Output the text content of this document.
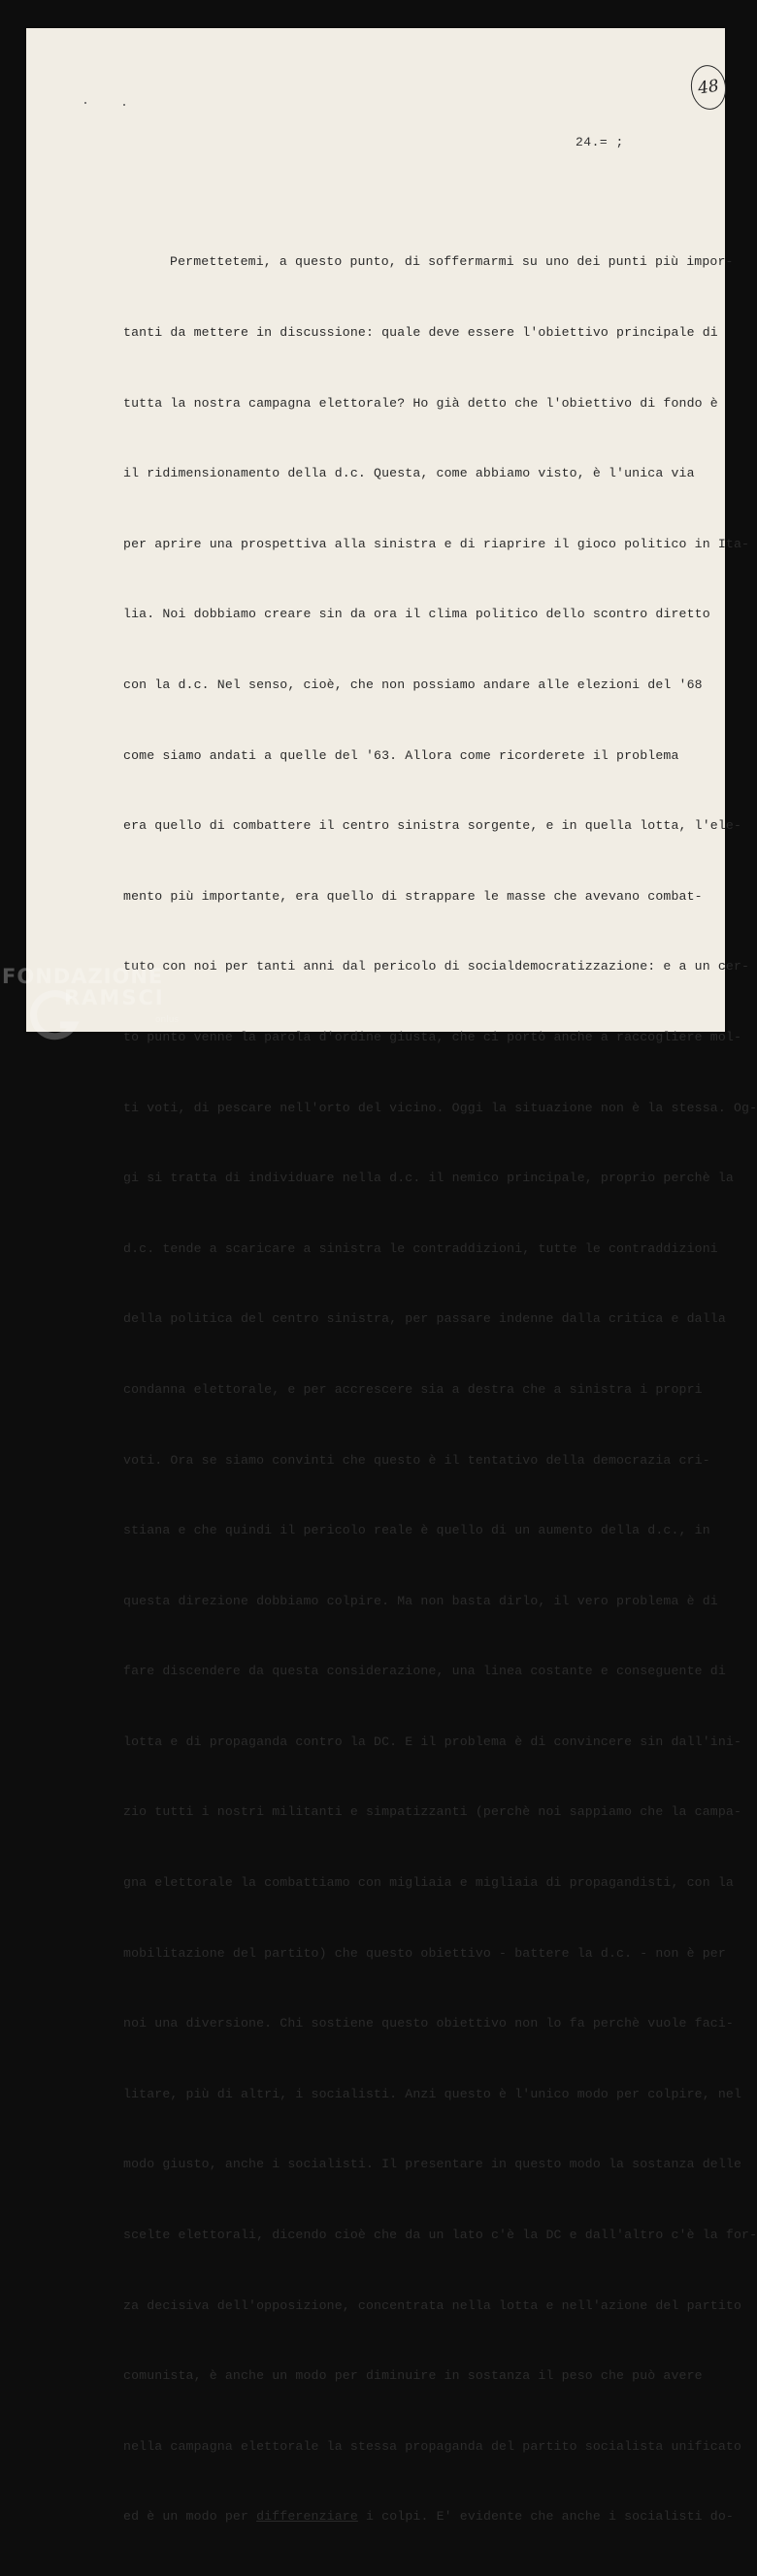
48
24.= ;

Permettetemi, a questo punto, di soffermarmi su uno dei punti più impor-

tanti da mettere in discussione: quale deve essere l'obiettivo principale di

tutta la nostra campagna elettorale? Ho già detto che l'obiettivo di fondo è

il ridimensionamento della d.c. Questa, come abbiamo visto, è l'unica via

per aprire una prospettiva alla sinistra e di riaprire il gioco politico in Ita-

lia. Noi dobbiamo creare sin da ora il clima politico dello scontro diretto

con la d.c. Nel senso, cioè, che non possiamo andare alle elezioni del '68

come siamo andati a quelle del '63. Allora come ricorderete il problema

era quello di combattere il centro sinistra sorgente, e in quella lotta, l'ele-

mento più importante, era quello di strappare le masse che avevano combat-

tuto con noi per tanti anni dal pericolo di socialdemocratizzazione: e a un cer-

to punto venne la parola d'ordine giusta, che ci portò anche a raccogliere mol-

ti voti, di pescare nell'orto del vicino. Oggi la situazione non è la stessa. Og-

gi si tratta di individuare nella d.c. il nemico principale, proprio perchè la

d.c. tende a scaricare a sinistra le contraddizioni, tutte le contraddizioni

della politica del centro sinistra, per passare indenne dalla critica e dalla

condanna elettorale, e per accrescere sia a destra che a sinistra i propri

voti. Ora se siamo convinti che questo è il tentativo della democrazia cri-

stiana e che quindi il pericolo reale è quello di un aumento della d.c., in

questa direzione dobbiamo colpire. Ma non basta dirlo, il vero problema è di

fare discendere da questa considerazione, una linea costante e conseguente di

lotta e di propaganda contro la DC. E il problema è di convincere sin dall'ini-

zio tutti i nostri militanti e simpatizzanti (perchè noi sappiamo che la campa-

gna elettorale la combattiamo con migliaia e migliaia di propagandisti, con la

mobilitazione del partito) che questo obiettivo - battere la d.c. - non è per

noi una diversione. Chi sostiene questo obiettivo non lo fa perchè vuole faci-

litare, più di altri, i socialisti. Anzi questo è l'unico modo per colpire, nel

modo giusto, anche i socialisti. Il presentare in questo modo la sostanza delle

scelte elettorali, dicendo cioè che da un lato c'è la DC e dall'altro c'è la for-

za decisiva dell'opposizione, concentrata nella lotta e nell'azione del partito

comunista, è anche un modo per diminuire in sostanza il peso che può avere

nella campagna elettorale la stessa propaganda del partito socialista unificato

ed è un modo per differenziare i colpi. E' evidente che anche i socialisti do-

FONDAZIONE
RAMSCI
onlus
